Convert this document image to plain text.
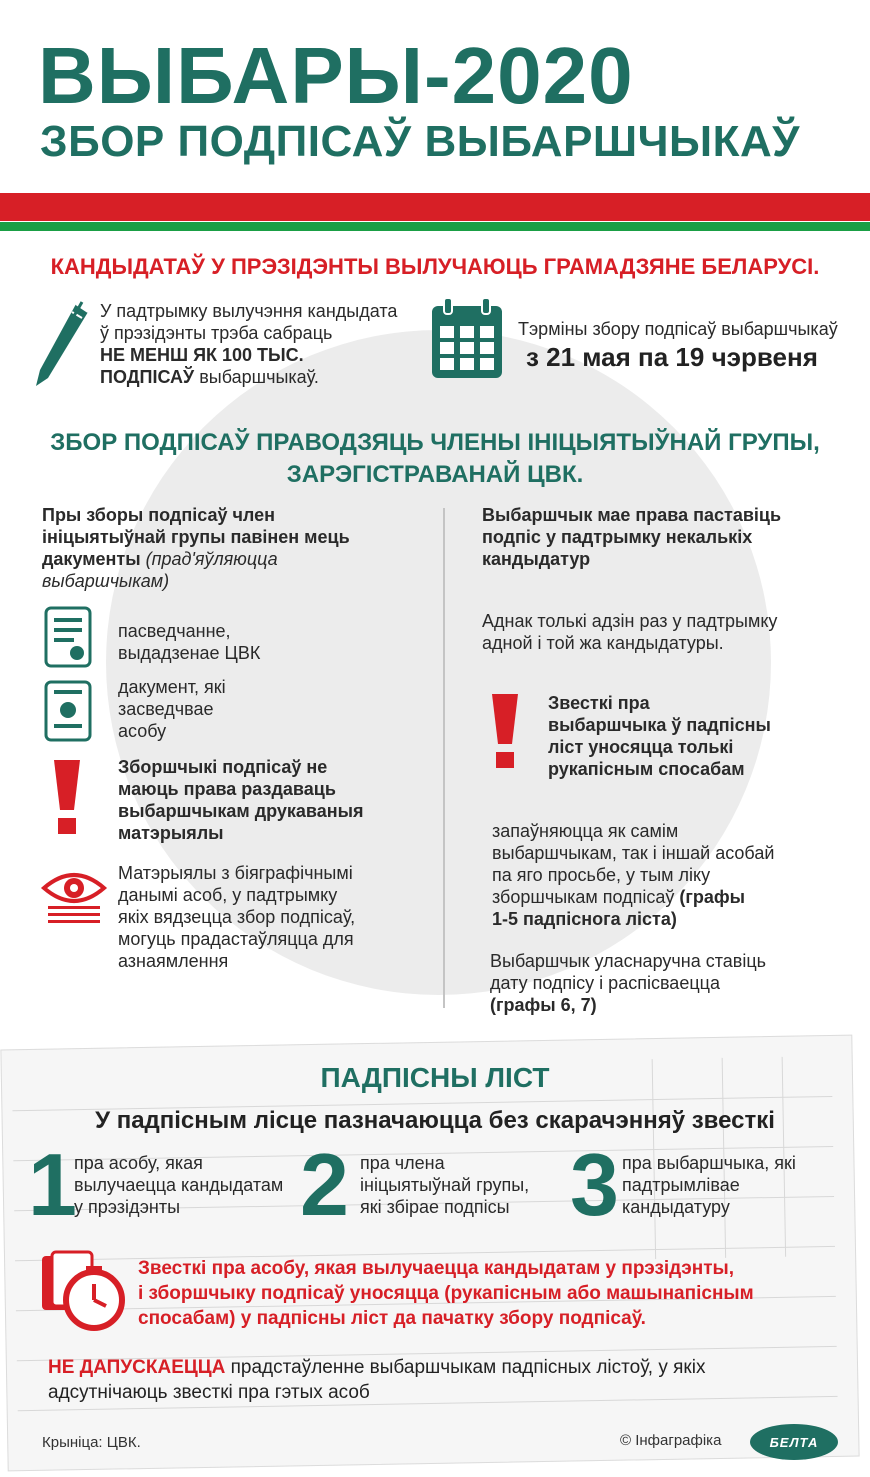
ВЫБАРЫ-2020
ЗБОР ПОДПІСАЎ ВЫБАРШЧЫКАЎ
КАНДЫДАТАЎ У ПРЭЗІДЭНТЫ ВЫЛУЧАЮЦЬ ГРАМАДЗЯНЕ БЕЛАРУСІ.
У падтрымку вылучэння кандыдата
ў прэзідэнты трэба сабраць
НЕ МЕНШ ЯК 100 ТЫС.
ПОДПІСАЎ выбаршчыкаў.
Тэрміны збору подпісаў выбаршчыкаў
з 21 мая па 19 чэрвеня
ЗБОР ПОДПІСАЎ ПРАВОДЗЯЦЬ ЧЛЕНЫ ІНІЦЫЯТЫЎНАЙ ГРУПЫ,
ЗАРЭГІСТРАВАНАЙ ЦВК.
Пры зборы подпісаў член
ініцыятыўнай групы павінен мець
дакументы (прад'яўляюцца
выбаршчыкам)
пасведчанне,
выдадзенае ЦВК
дакумент, які
засведчвае
асобу
Зборшчыкі подпісаў не
маюць права раздаваць
выбаршчыкам друкаваныя
матэрыялы
Матэрыялы з біяграфічнымі
данымі асоб, у падтрымку
якіх вядзецца збор подпісаў,
могуць прадастаўляцца для
азнаямлення
Выбаршчык мае права паставіць
подпіс у падтрымку некалькіх
кандыдатур
Аднак толькі адзін раз у падтрымку
адной і той жа кандыдатуры.
Звесткі пра
выбаршчыка ў падпісны
ліст уносяцца толькі
рукапісным спосабам
запаўняюцца як самім
выбаршчыкам, так і іншай асобай
па яго просьбе, у тым ліку
зборшчыкам подпісаў (графы
1-5 падпіснога ліста)
Выбаршчык уласнаручна ставіць
дату подпісу і распісваецца
(графы 6, 7)
ПАДПІСНЫ ЛІСТ
У падпісным лісце пазначаюцца без скарачэнняў звесткі
1
пра асобу, якая
вылучаецца кандыдатам
у прэзідэнты	2 пра члена
ініцыятыўнай групы,
які збірае подпісы 3 пра выбаршчыка, які
падтрымлівае
кандыдатуру
Звесткі пра асобу, якая вылучаецца кандыдатам у прэзідэнты,
і зборшчыку подпісаў уносяцца (рукапісным або машынапісным
спосабам) у падпісны ліст да пачатку збору подпісаў.
НЕ ДАПУСКАЕЦЦА прадстаўленне выбаршчыкам падпісных лістоў, у якіх
адсутнічаюць звесткі пра гэтых асоб
Крыніца: ЦВК.	© Інфаграфіка	БЕЛТА
